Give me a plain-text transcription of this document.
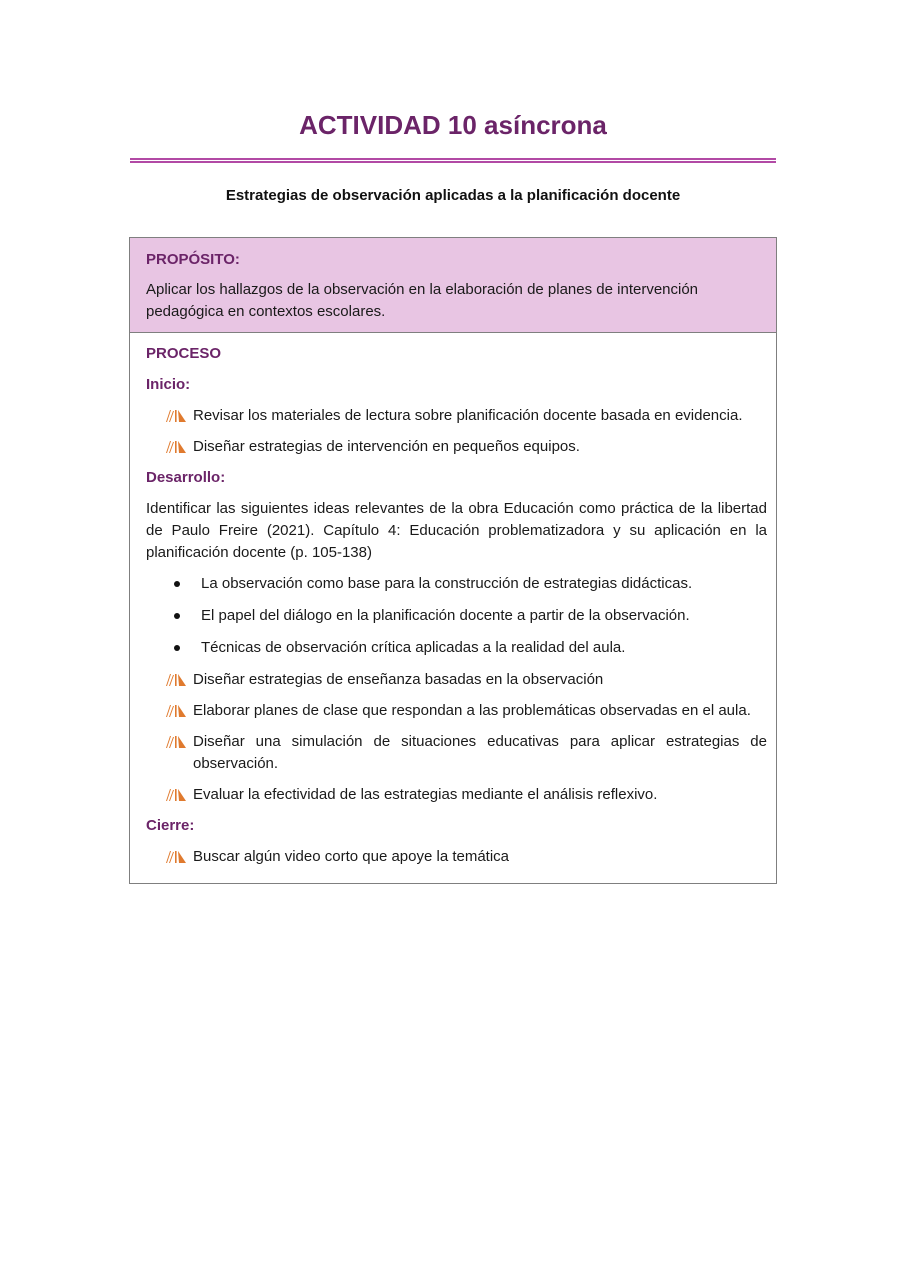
ACTIVIDAD 10 asíncrona
Estrategias de observación aplicadas a la planificación docente
PROPÓSITO:
Aplicar los hallazgos de la observación en la elaboración de planes de intervención pedagógica en contextos escolares.
PROCESO
Inicio:
Revisar los materiales de lectura sobre planificación docente basada en evidencia.
Diseñar estrategias de intervención en pequeños equipos.
Desarrollo:
Identificar las siguientes ideas relevantes de la obra Educación como práctica de la libertad de Paulo Freire (2021). Capítulo 4: Educación problematizadora y su aplicación en la planificación docente (p. 105-138)
La observación como base para la construcción de estrategias didácticas.
El papel del diálogo en la planificación docente a partir de la observación.
Técnicas de observación crítica aplicadas a la realidad del aula.
Diseñar estrategias de enseñanza basadas en la observación
Elaborar planes de clase que respondan a las problemáticas observadas en el aula.
Diseñar una simulación de situaciones educativas para aplicar estrategias de observación.
Evaluar la efectividad de las estrategias mediante el análisis reflexivo.
Cierre:
Buscar algún video corto que apoye la temática
